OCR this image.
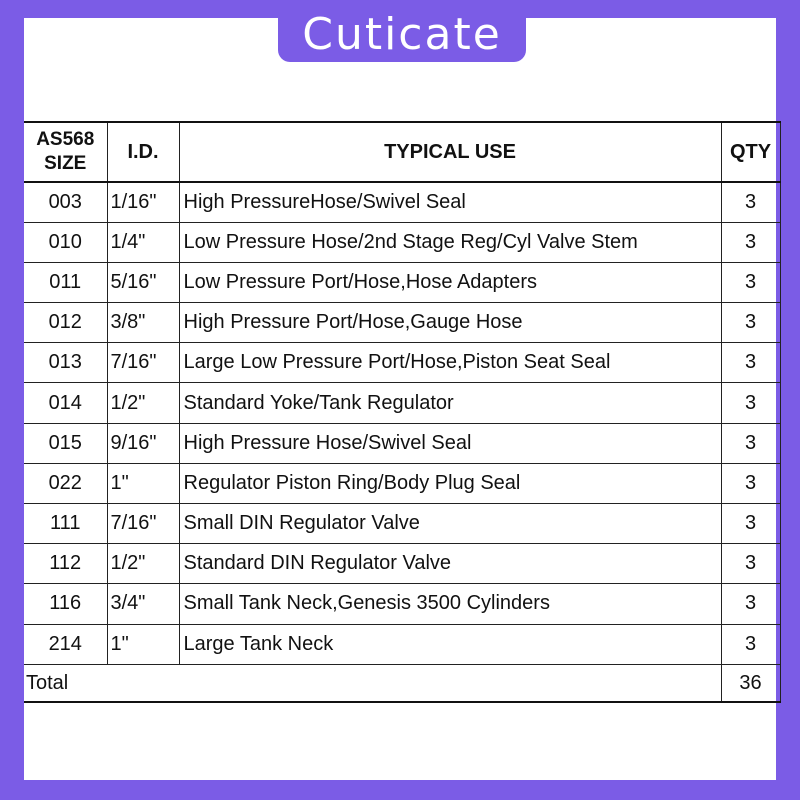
Cuticate
AS568
SIZE	I.D.	TYPICAL USE	QTY
003	1/16"	High PressureHose/Swivel Seal	3
010	1/4"	Low Pressure Hose/2nd Stage Reg/Cyl Valve Stem	3
011	5/16"	Low Pressure Port/Hose,Hose Adapters	3
012	3/8"	High Pressure Port/Hose,Gauge Hose	3
013	7/16"	Large Low Pressure Port/Hose,Piston Seat Seal	3
014	1/2"	Standard Yoke/Tank Regulator	3
015	9/16"	High Pressure Hose/Swivel Seal	3
022	1"	Regulator Piston Ring/Body Plug Seal	3
111	7/16"	Small DIN Regulator Valve	3
112	1/2"	Standard DIN Regulator Valve	3
116	3/4"	Small Tank Neck,Genesis 3500 Cylinders	3
214	1"	Large Tank Neck	3
Total			36
